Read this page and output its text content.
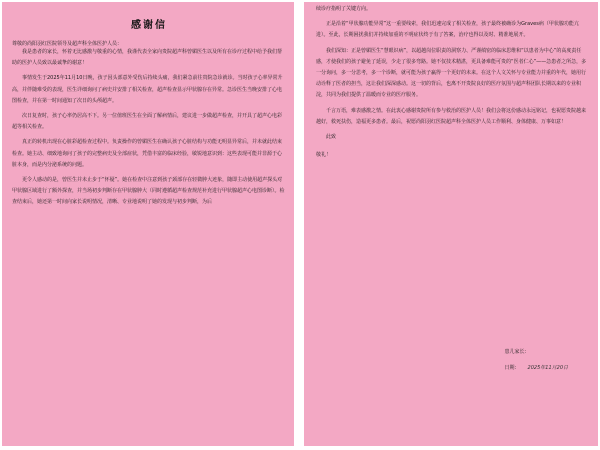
感谢信
尊敬的尚阳羽红医院领导及超声科全体医护人员：

我是患者的家长，怀着无比感激与敬重的心情，我谨代表全家向贵院超声科曾媚医生以及所有在诊疗过程中给予我们帮助的医护人员致以最诚挚的谢意！

事情发生于2025年11月10日晚，孩子因头部意外受伤后持续头痛，我们紧急前往贵院急诊就诊。当时孩子心率异常升高，并伴随难受的表现，医生详细询问了病史并安排了相关检查，超声检查显示甲状腺存在异常。急诊医生当晚安排了心电图检查，并在第一时间通知了次日的头颅超声。

次日复查时，孩子心率仍居高不下。另一位值班医生在全面了解病情后，建议进一步做超声检查，并开具了超声心电彩超等相关检查。

真正的转机出现在心脏彩超检查过程中。负责操作的曾媚医生在确认孩子心脏结构与功能无明显异常后，并未就此结束检查。她主动、细致地询问了孩子的完整病史及全部症状，凭借丰富的临床经验，敏锐地意识到：这些表现可能并非源于心脏本身，而是内分泌系统的问题。

更令人感动的是，曾医生并未止步于“怀疑”。她在检查中注意到孩子颈部存在轻微肿大迹象，随即主动使用超声探头对甲状腺区域进行了额外探查，并当场初步判断存在甲状腺肿大（同时遵循超声检查规范补充进行甲状腺超声心电图诊断）。检查结束后，她还第一时间向家长说明情况，清晰、专业地说明了她的发现与初步判断，为后

续诊疗指明了关键方向。

正是沿着“甲状腺功能异常”这一重要线索，我们迅速完成了相关检查，孩子最终被确诊为Graves病（甲状腺功能亢进）。至此，长期困扰我们并持续加重的不明症状终于有了答案，治疗也得以及时、精准地展开。

我们深知：正是曾媚医生“慧眼识病”，以超越岗位职责的洞察力、严谨缜密的临床思维和“以患者为中心”的高度责任感，才使我们的孩子避免了延误，少走了很多弯路。她不仅技术精湛，更具备难能可贵的“医者仁心”——急患者之所急，多一分询问，多一分思考，多一个诊断，就可能为孩子赢得一个更好的未来。在这个人文关怀与专业能力并重的年代，她用行动诠释了医者的担当，这让我们深深感动。这一切的背后，也离不开贵院良好的医疗氛围与超声科团队长期以来的专业积淀，共同为我们提供了温暖而专业的医疗服务。

千言万语，难表感激之情。在此衷心感谢贵院所有参与救治的医护人员！我们会将这份感动永远铭记，也祝愿贵院越来越好，救死扶伤，造福更多患者。最后，祝愿尚阳羽红医院超声科全体医护人员工作顺利、身体健康、万事如意！

此致

敬礼！
患儿家长：
日期： 2025年11月20日
